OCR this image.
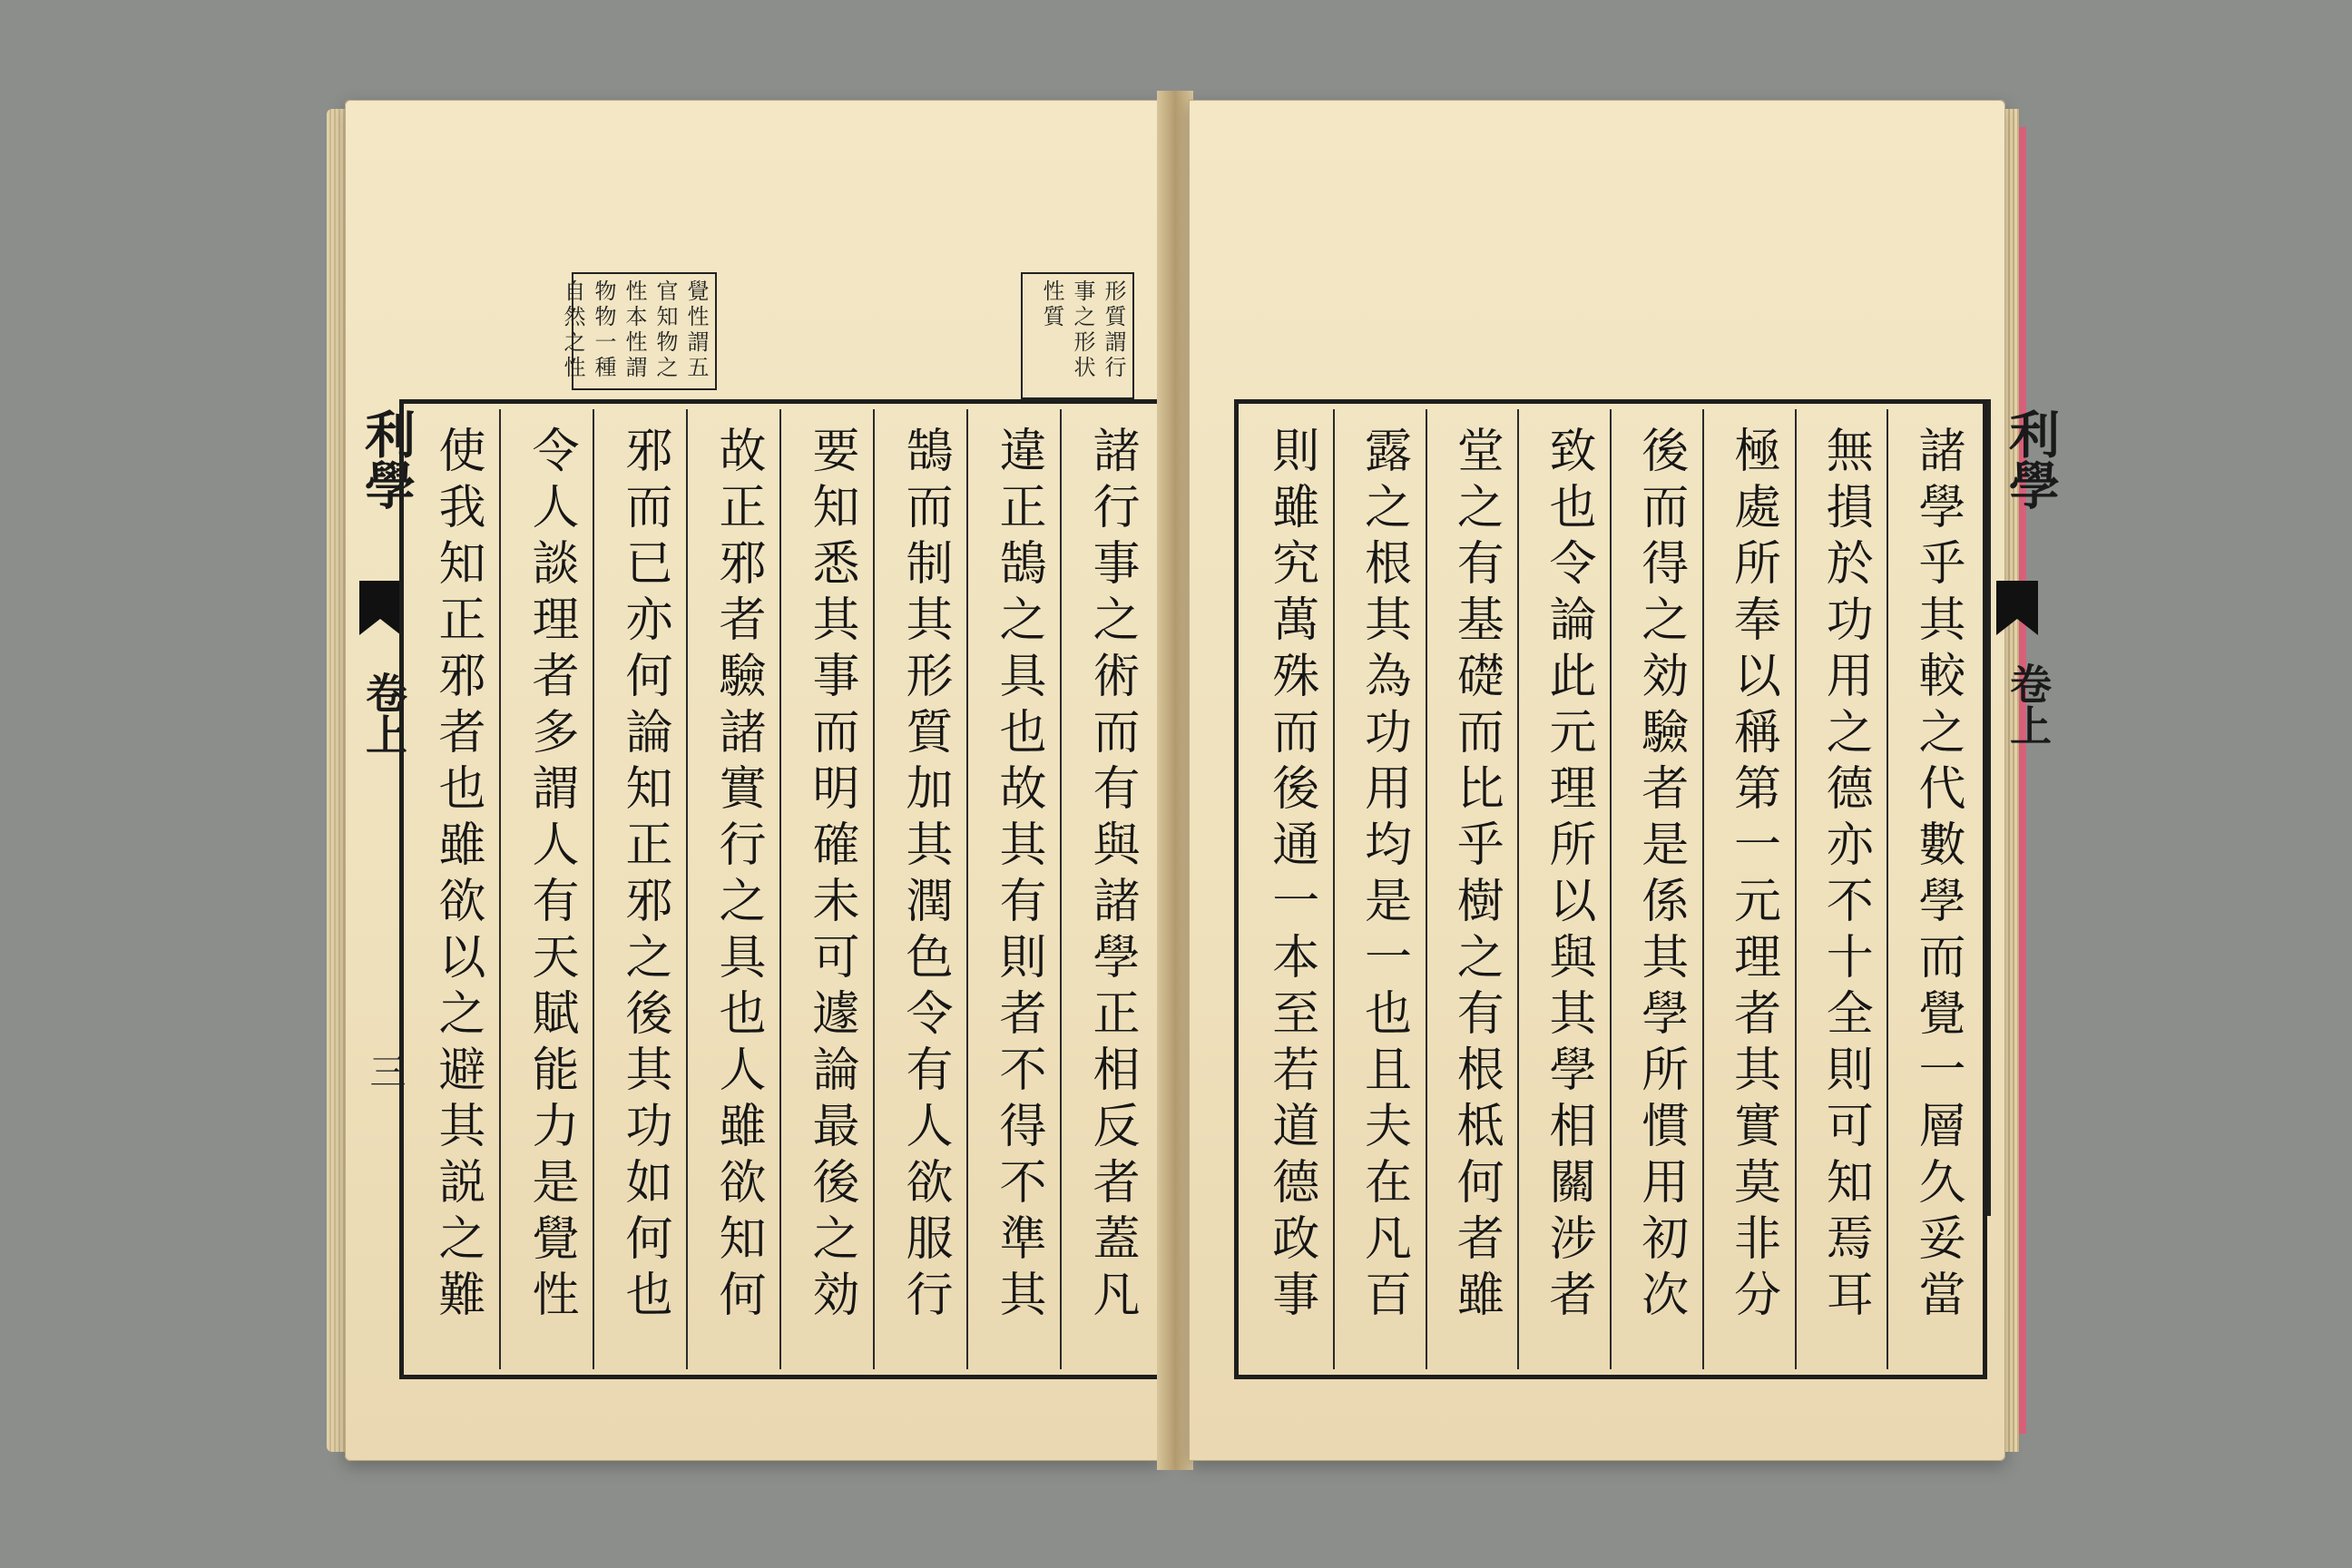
覺性謂五官知物之性本性謂物物一種自然之性	形質謂行事之形状性質
利學
卷上
三
諸行事之術而有與諸學正相反者蓋凡
違正鵠之具也故其有則者不得不準其
鵠而制其形質加其潤色令有人欲服行
要知悉其事而明確未可遽論最後之効
故正邪者驗諸實行之具也人雖欲知何
邪而已亦何論知正邪之後其功如何也
令人談理者多謂人有天賦能力是覺性
使我知正邪者也雖欲以之避其説之難
諸學乎其較之代數學而覺一層久妥當
無損於功用之德亦不十全則可知焉耳
極處所奉以稱第一元理者其實莫非分
後而得之効驗者是係其學所慣用初次
致也令論此元理所以與其學相關涉者
堂之有基礎而比乎樹之有根柢何者雖
露之根其為功用均是一也且夫在凡百
則雖究萬殊而後通一本至若道德政事
利學
卷上
